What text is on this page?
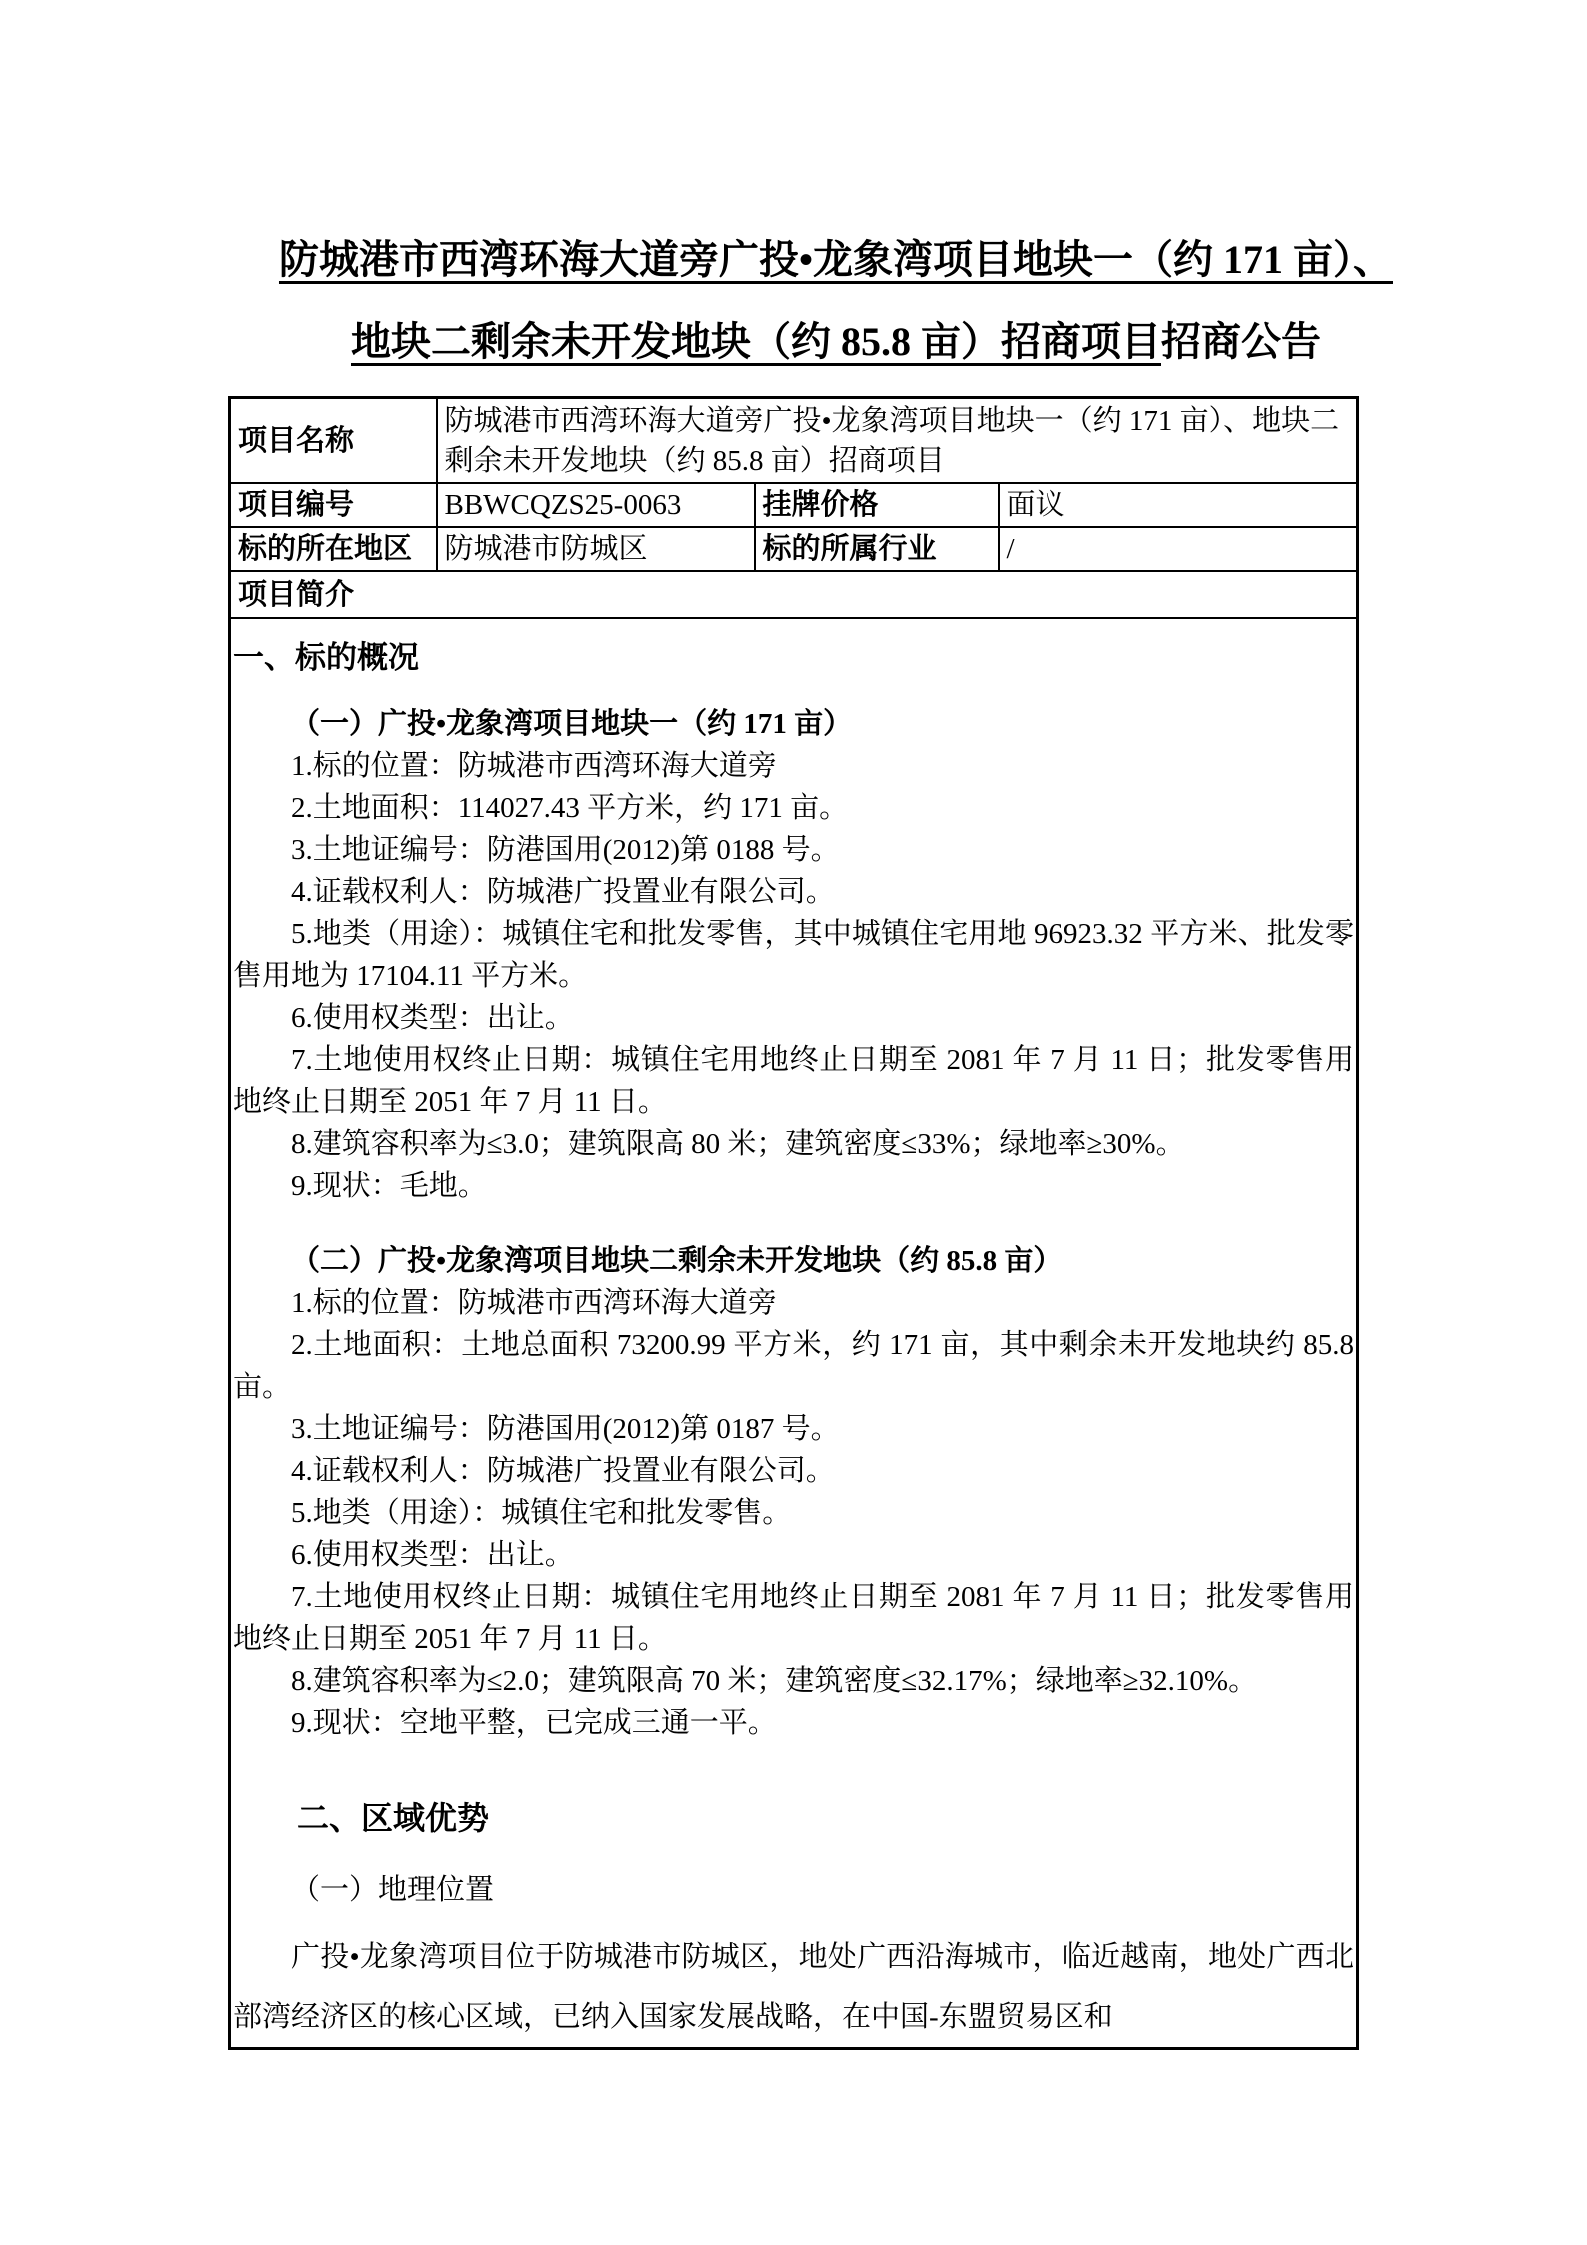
防城港市西湾环海大道旁广投•龙象湾项目地块一（约 171 亩）、
地块二剩余未开发地块（约 85.8 亩）招商项目招商公告
项目名称	防城港市西湾环海大道旁广投•龙象湾项目地块一（约 171 亩）、地块二剩余未开发地块（约 85.8 亩）招商项目		
项目编号	BBWCQZS25-0063	挂牌价格	面议
标的所在地区	防城港市防城区	标的所属行业	/
项目简介			

一、标的概况

（一）广投•龙象湾项目地块一（约 171 亩）

1.标的位置：防城港市西湾环海大道旁

2.土地面积：114027.43 平方米，约 171 亩。

3.土地证编号：防港国用(2012)第 0188 号。

4.证载权利人：防城港广投置业有限公司。

5.地类（用途）：城镇住宅和批发零售，其中城镇住宅用地 96923.32 平方米、批发零售用地为 17104.11 平方米。

6.使用权类型：出让。

7.土地使用权终止日期：城镇住宅用地终止日期至 2081 年 7 月 11 日；批发零售用地终止日期至 2051 年 7 月 11 日。

8.建筑容积率为≤3.0；建筑限高 80 米；建筑密度≤33%；绿地率≥30%。

9.现状：毛地。

（二）广投•龙象湾项目地块二剩余未开发地块（约 85.8 亩）

1.标的位置：防城港市西湾环海大道旁

2.土地面积：土地总面积 73200.99 平方米，约 171 亩，其中剩余未开发地块约 85.8 亩。

3.土地证编号：防港国用(2012)第 0187 号。

4.证载权利人：防城港广投置业有限公司。

5.地类（用途）：城镇住宅和批发零售。

6.使用权类型：出让。

7.土地使用权终止日期：城镇住宅用地终止日期至 2081 年 7 月 11 日；批发零售用地终止日期至 2051 年 7 月 11 日。

8.建筑容积率为≤2.0；建筑限高 70 米；建筑密度≤32.17%；绿地率≥32.10%。

9.现状：空地平整，已完成三通一平。

二、区域优势

（一）地理位置

广投•龙象湾项目位于防城港市防城区，地处广西沿海城市，临近越南，地处广西北部湾经济区的核心区域，已纳入国家发展战略，在中国-东盟贸易区和
